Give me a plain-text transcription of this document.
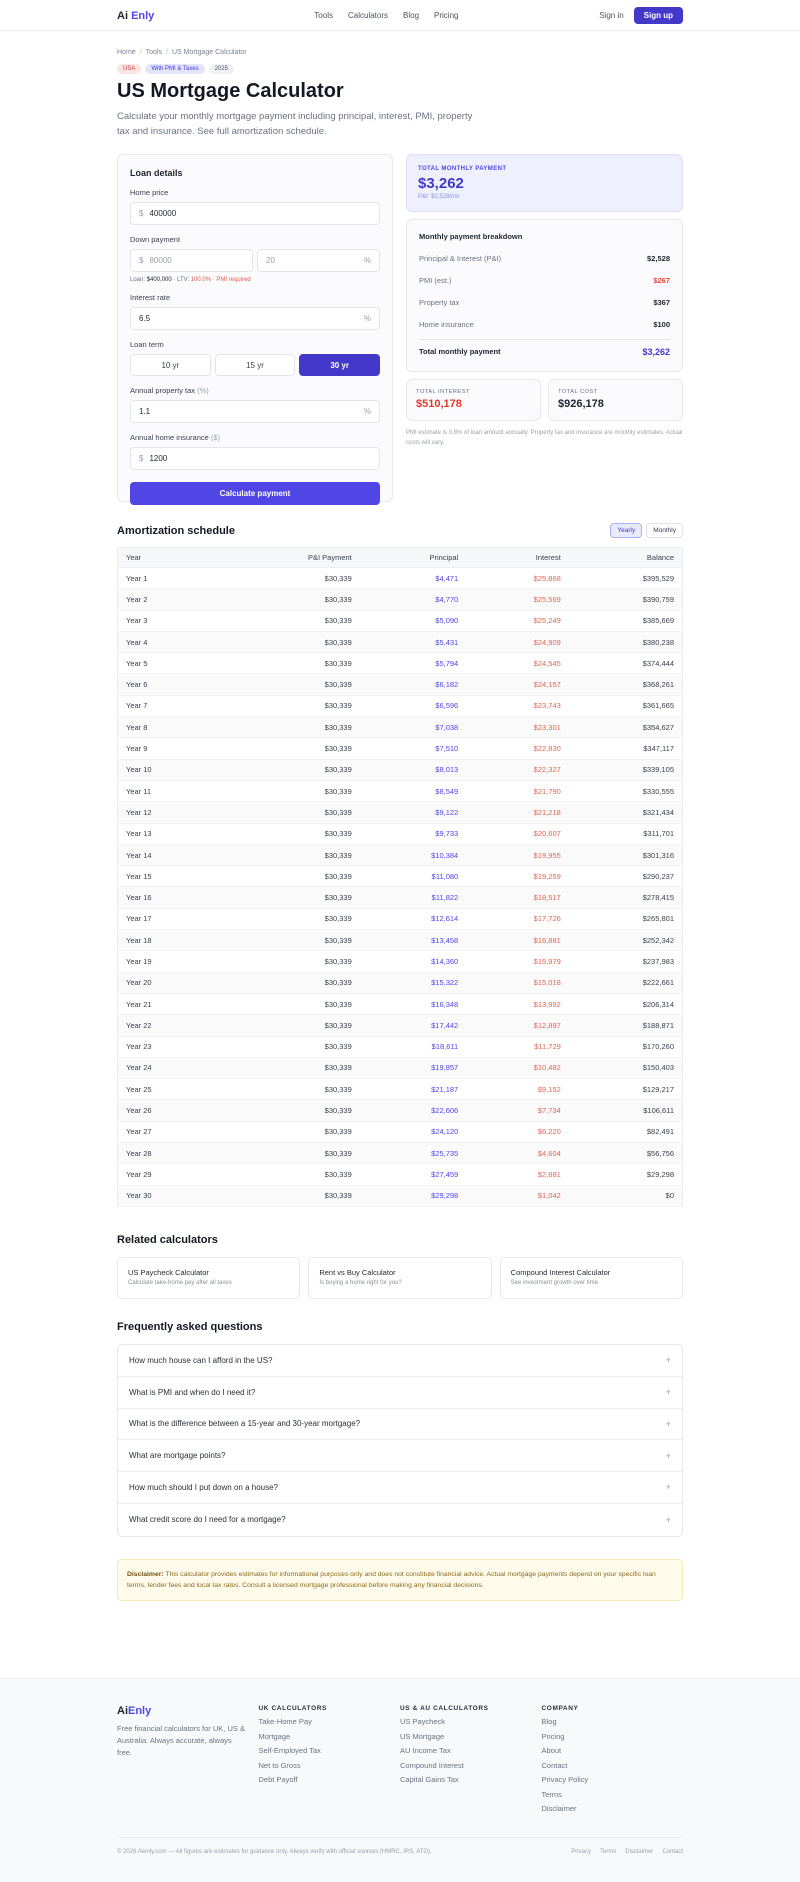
Ai Enly	Tools Calculators Blog Pricing	Sign in	Sign up
Home / Tools / US Mortgage Calculator
USA	With PMI & Taxes	2025
US Mortgage Calculator

Calculate your monthly mortgage payment including principal, interest, PMI, property tax and insurance. See full amortization schedule.

Loan details
Home price
$ 400000
Down payment
$ 80000	20	%
Loan: $400,000 · LTV: 100.0% · PMI required
Interest rate
6.5	%
Loan term
10 yr	15 yr	30 yr
Annual property tax (%)
1.1	%
Annual home insurance ($)
$ 1200
Calculate payment
TOTAL MONTHLY PAYMENT
$3,262
P&I: $2,528/mo
Monthly payment breakdown
Principal & Interest (P&I)	$2,528
PMI (est.)	$267
Property tax	$367
Home insurance	$100
Total monthly payment	$3,262
TOTAL INTEREST
$510,178
TOTAL COST
$926,178

PMI estimate is 0.8% of loan amount annually. Property tax and insurance are monthly estimates. Actual costs will vary.

Amortization schedule	Yearly	Monthly
Year	P&I Payment	Principal	Interest	Balance
Year 1	$30,339	$4,471	$25,868	$395,529
Year 2	$30,339	$4,770	$25,569	$390,759
Year 3	$30,339	$5,090	$25,249	$385,669
Year 4	$30,339	$5,431	$24,909	$380,238
Year 5	$30,339	$5,794	$24,545	$374,444
Year 6	$30,339	$6,182	$24,157	$368,261
Year 7	$30,339	$6,596	$23,743	$361,665
Year 8	$30,339	$7,038	$23,301	$354,627
Year 9	$30,339	$7,510	$22,830	$347,117
Year 10	$30,339	$8,013	$22,327	$339,105
Year 11	$30,339	$8,549	$21,790	$330,555
Year 12	$30,339	$9,122	$21,218	$321,434
Year 13	$30,339	$9,733	$20,607	$311,701
Year 14	$30,339	$10,384	$19,955	$301,316
Year 15	$30,339	$11,080	$19,259	$290,237
Year 16	$30,339	$11,822	$18,517	$278,415
Year 17	$30,339	$12,614	$17,726	$265,801
Year 18	$30,339	$13,458	$16,881	$252,342
Year 19	$30,339	$14,360	$15,979	$237,983
Year 20	$30,339	$15,322	$15,018	$222,661
Year 21	$30,339	$16,348	$13,992	$206,314
Year 22	$30,339	$17,442	$12,897	$188,871
Year 23	$30,339	$18,611	$11,729	$170,260
Year 24	$30,339	$19,857	$10,482	$150,403
Year 25	$30,339	$21,187	$9,152	$129,217
Year 26	$30,339	$22,606	$7,734	$106,611
Year 27	$30,339	$24,120	$6,220	$82,491
Year 28	$30,339	$25,735	$4,604	$56,756
Year 29	$30,339	$27,459	$2,881	$29,298
Year 30	$30,339	$29,298	$1,042	$0
Related calculators
US Paycheck Calculator
Calculate take-home pay after all taxes
Rent vs Buy Calculator
Is buying a home right for you?
Compound Interest Calculator
See investment growth over time
Frequently asked questions
How much house can I afford in the US?	+
What is PMI and when do I need it?	+
What is the difference between a 15-year and 30-year mortgage?	+
What are mortgage points?	+
How much should I put down on a house?	+
What credit score do I need for a mortgage?	+
Disclaimer: This calculator provides estimates for informational purposes only and does not constitute financial advice. Actual mortgage payments depend on your specific loan terms, lender fees and local tax rates. Consult a licensed mortgage professional before making any financial decisions.
AiEnly

Free financial calculators for UK, US & Australia. Always accurate, always free.

UK CALCULATORS
Take-Home Pay
Mortgage
Self-Employed Tax
Net to Gross
Debt Payoff
US & AU CALCULATORS
US Paycheck
US Mortgage
AU Income Tax
Compound Interest
Capital Gains Tax
COMPANY
Blog
Pricing
About
Contact
Privacy Policy
Terms
Disclaimer
© 2026 Aienly.com — All figures are estimates for guidance only. Always verify with official sources (HMRC, IRS, ATO).	Privacy Terms Disclaimer Contact
